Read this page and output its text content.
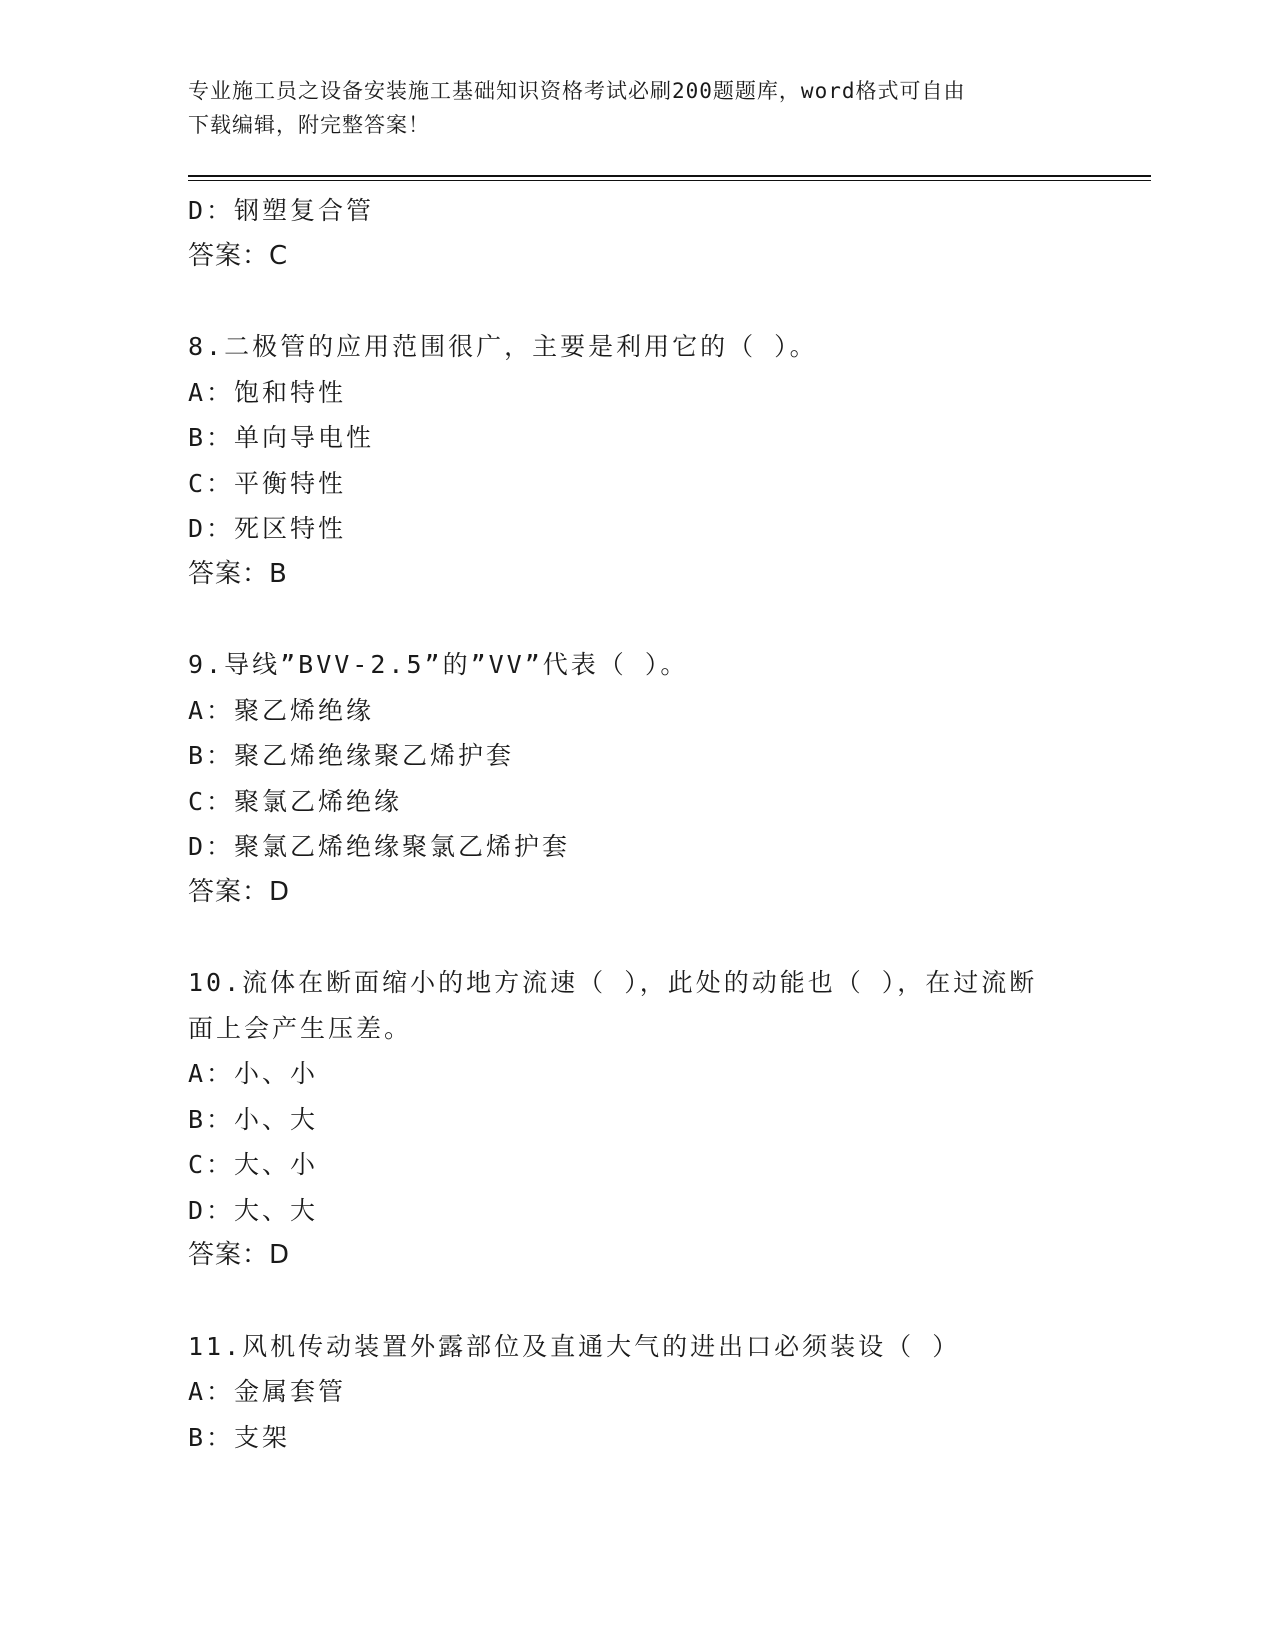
专业施工员之设备安装施工基础知识资格考试必刷200题题库，word格式可自由
下载编辑，附完整答案！
D：钢塑复合管
答案：C
8.二极管的应用范围很广，主要是利用它的（ ）。
A：饱和特性
B：单向导电性
C：平衡特性
D：死区特性
答案：B
9.导线”BVV-2.5”的”VV”代表（ ）。
A：聚乙烯绝缘
B：聚乙烯绝缘聚乙烯护套
C：聚氯乙烯绝缘
D：聚氯乙烯绝缘聚氯乙烯护套
答案：D
10.流体在断面缩小的地方流速（ ），此处的动能也（ ），在过流断
面上会产生压差。
A：小、小
B：小、大
C：大、小
D：大、大
答案：D
11.风机传动装置外露部位及直通大气的进出口必须装设（ ）
A：金属套管
B：支架
